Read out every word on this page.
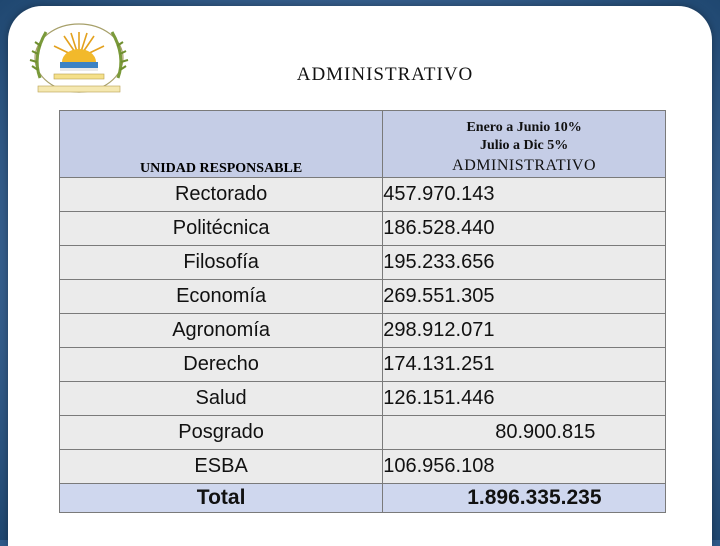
ADMINISTRATIVO
UNIDAD RESPONSABLE	Enero a Junio 10%
Julio a Dic 5%
ADMINISTRATIVO

Rectorado	457.970.143
Politécnica	186.528.440
Filosofía	195.233.656
Economía	269.551.305
Agronomía	298.912.071
Derecho	174.131.251
Salud	126.151.446
Posgrado	80.900.815
ESBA	106.956.108
Total	1.896.335.235
